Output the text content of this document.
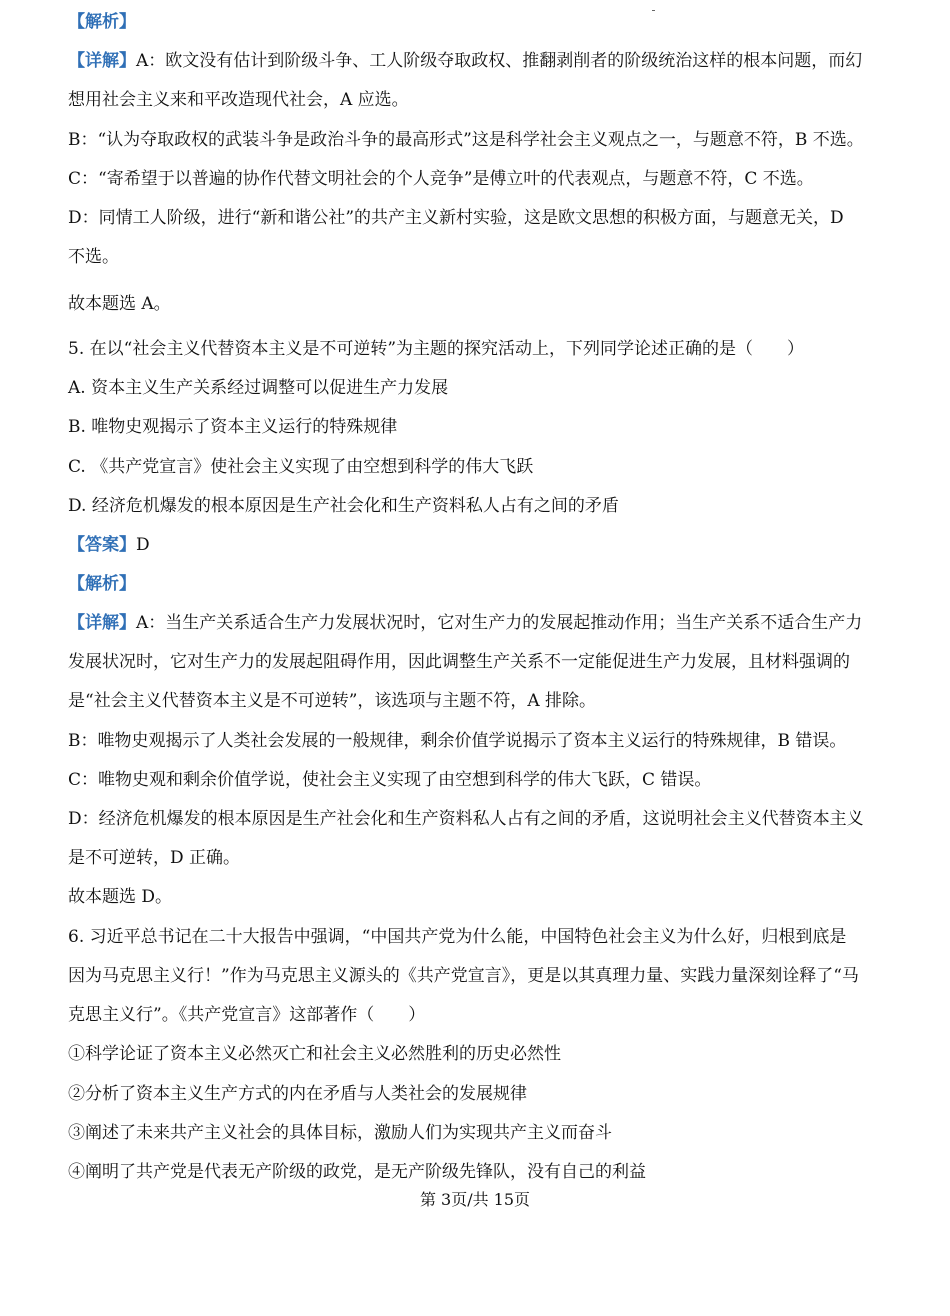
【解析】
【详解】A：欧文没有估计到阶级斗争、工人阶级夺取政权、推翻剥削者的阶级统治这样的根本问题，而幻
想用社会主义来和平改造现代社会，A 应选。
B：“认为夺取政权的武装斗争是政治斗争的最高形式”这是科学社会主义观点之一，与题意不符，B 不选。
C：“寄希望于以普遍的协作代替文明社会的个人竞争”是傅立叶的代表观点，与题意不符，C 不选。
D：同情工人阶级，进行“新和谐公社”的共产主义新村实验，这是欧文思想的积极方面，与题意无关，D
不选。
故本题选 A。
5. 在以“社会主义代替资本主义是不可逆转”为主题的探究活动上，下列同学论述正确的是（　　）
A. 资本主义生产关系经过调整可以促进生产力发展
B. 唯物史观揭示了资本主义运行的特殊规律
C. 《共产党宣言》使社会主义实现了由空想到科学的伟大飞跃
D. 经济危机爆发的根本原因是生产社会化和生产资料私人占有之间的矛盾
【答案】D
【解析】
【详解】A：当生产关系适合生产力发展状况时，它对生产力的发展起推动作用；当生产关系不适合生产力
发展状况时，它对生产力的发展起阻碍作用，因此调整生产关系不一定能促进生产力发展，且材料强调的
是“社会主义代替资本主义是不可逆转”，该选项与主题不符，A 排除。
B：唯物史观揭示了人类社会发展的一般规律，剩余价值学说揭示了资本主义运行的特殊规律，B 错误。
C：唯物史观和剩余价值学说，使社会主义实现了由空想到科学的伟大飞跃，C 错误。
D：经济危机爆发的根本原因是生产社会化和生产资料私人占有之间的矛盾，这说明社会主义代替资本主义
是不可逆转，D 正确。
故本题选 D。
6. 习近平总书记在二十大报告中强调，“中国共产党为什么能，中国特色社会主义为什么好，归根到底是
因为马克思主义行！”作为马克思主义源头的《共产党宣言》，更是以其真理力量、实践力量深刻诠释了“马
克思主义行”。《共产党宣言》这部著作（　　）
①科学论证了资本主义必然灭亡和社会主义必然胜利的历史必然性
②分析了资本主义生产方式的内在矛盾与人类社会的发展规律
③阐述了未来共产主义社会的具体目标，激励人们为实现共产主义而奋斗
④阐明了共产党是代表无产阶级的政党，是无产阶级先锋队，没有自己的利益
第 3页/共 15页
